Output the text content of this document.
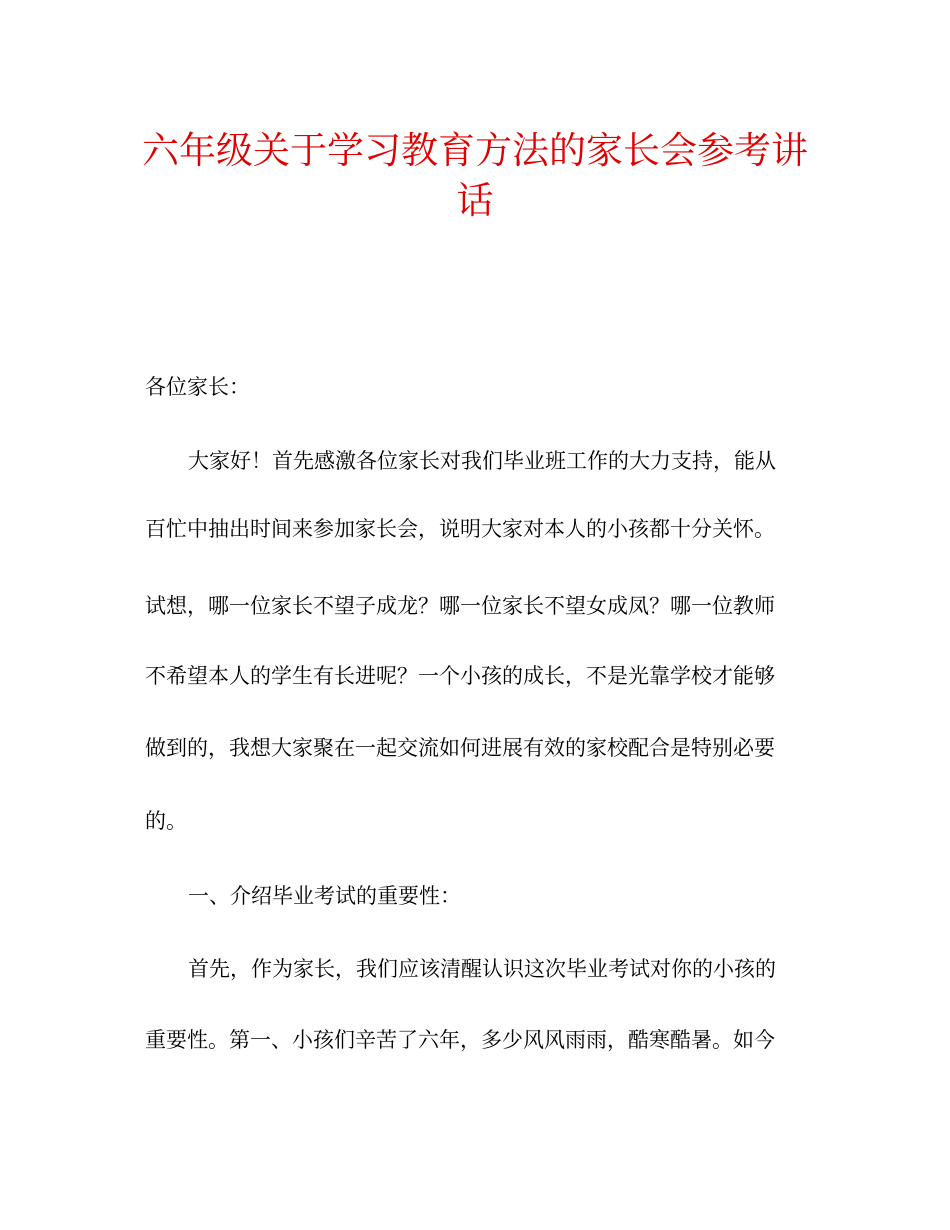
六年级关于学习教育方法的家长会参考讲
话

各位家长：

大家好！首先感激各位家长对我们毕业班工作的大力支持，能从

百忙中抽出时间来参加家长会，说明大家对本人的小孩都十分关怀。

试想，哪一位家长不望子成龙？哪一位家长不望女成凤？哪一位教师

不希望本人的学生有长进呢？一个小孩的成长，不是光靠学校才能够

做到的，我想大家聚在一起交流如何进展有效的家校配合是特别必要

的。

一、介绍毕业考试的重要性：

首先，作为家长，我们应该清醒认识这次毕业考试对你的小孩的

重要性。第一、小孩们辛苦了六年，多少风风雨雨，酷寒酷暑。如今
